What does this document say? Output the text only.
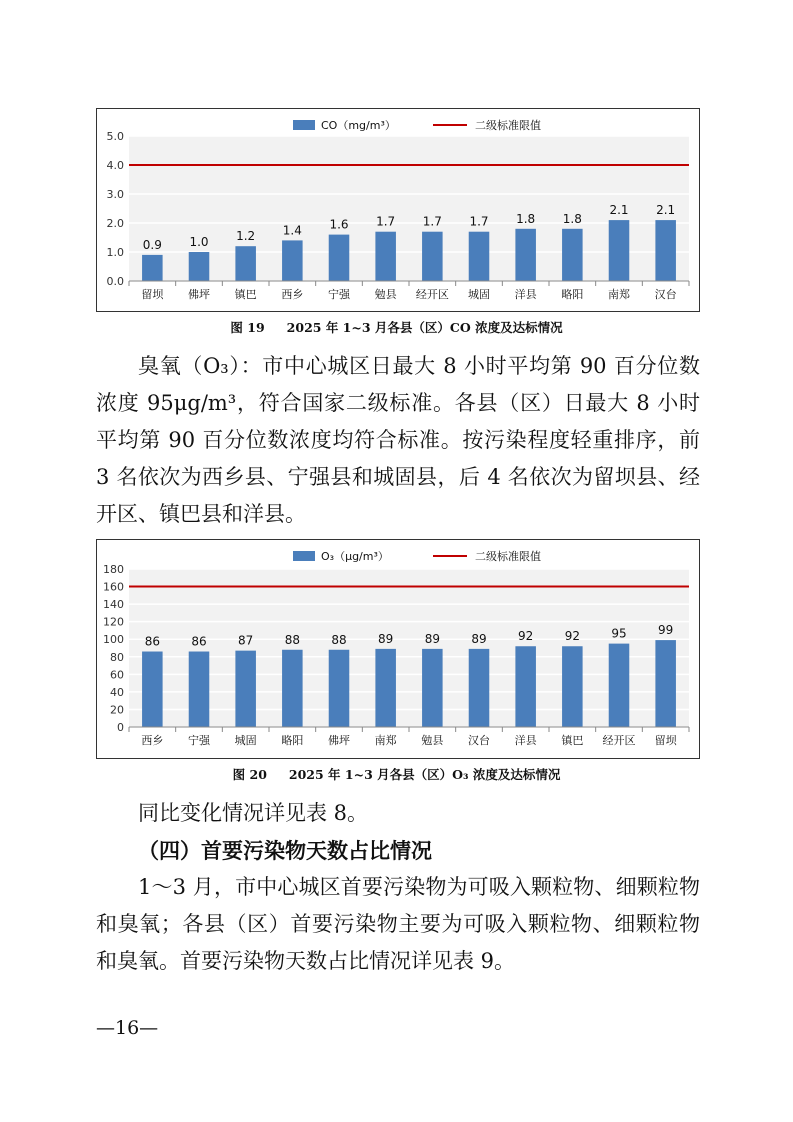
0.0
1.0
2.0
3.0
4.0
5.0
0.9
留坝
1.0
佛坪
1.2
镇巴
1.4
西乡
1.6
宁强
1.7
勉县
1.7
经开区
1.7
城固
1.8
洋县
1.8
略阳
2.1
南郑
2.1
汉台
CO（mg/m³）	二级标准限值
图 19 2025 年 1~3 月各县（区）CO 浓度及达标情况

臭氧（O₃）：市中心城区日最大 8 小时平均第 90 百分位数浓度 95μg/m³，符合国家二级标准。各县（区）日最大 8 小时平均第 90 百分位数浓度均符合标准。按污染程度轻重排序，前 3 名依次为西乡县、宁强县和城固县，后 4 名依次为留坝县、经开区、镇巴县和洋县。

0
20
40
60
80
100
120
140
160
180
86
西乡
86
宁强
87
城固
88
略阳
88
佛坪
89
南郑
89
勉县
89
汉台
92
洋县
92
镇巴
95
经开区
99
留坝
O₃（μg/m³）	二级标准限值
图 20 2025 年 1~3 月各县（区）O₃ 浓度及达标情况

同比变化情况详见表 8。

（四）首要污染物天数占比情况

1～3 月，市中心城区首要污染物为可吸入颗粒物、细颗粒物和臭氧；各县（区）首要污染物主要为可吸入颗粒物、细颗粒物和臭氧。首要污染物天数占比情况详见表 9。

—16—
